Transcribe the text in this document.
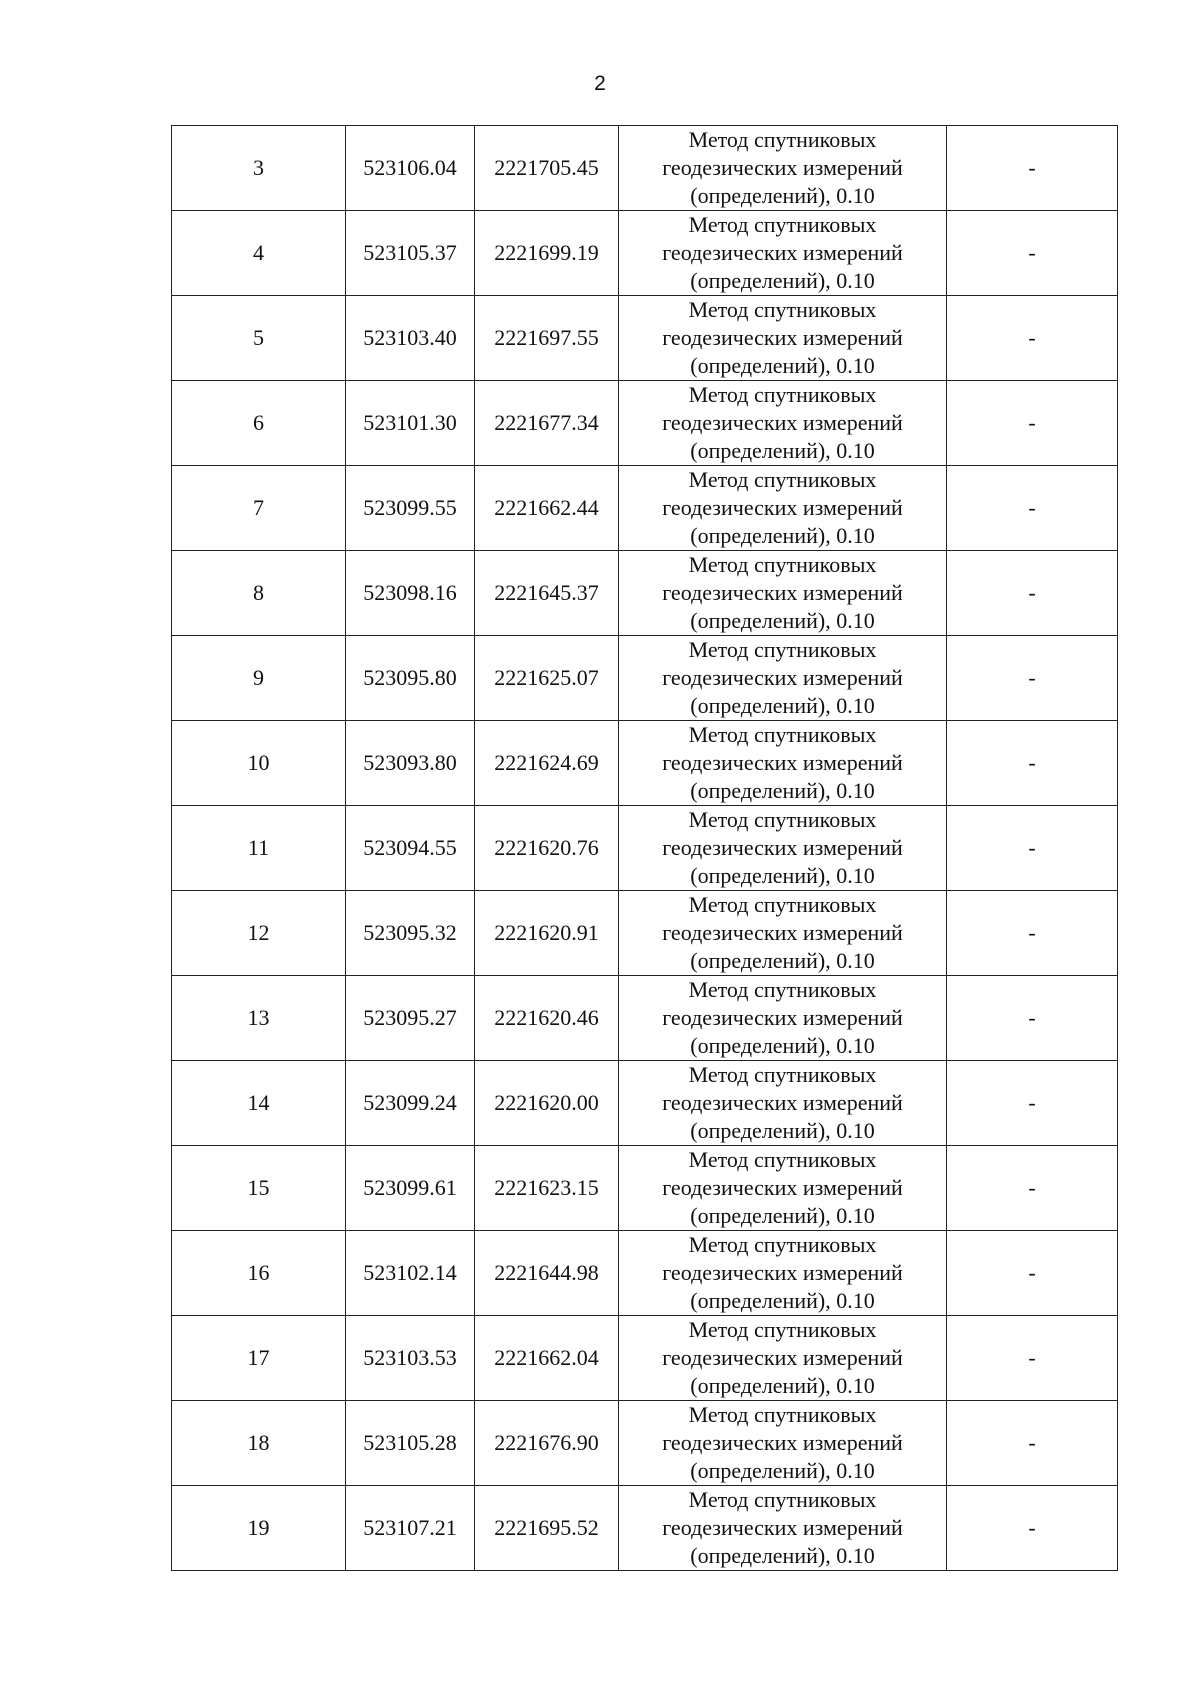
2
3	523106.04	2221705.45	Метод спутниковых
геодезических измерений
(определений), 0.10	-
4	523105.37	2221699.19	Метод спутниковых
геодезических измерений
(определений), 0.10	-
5	523103.40	2221697.55	Метод спутниковых
геодезических измерений
(определений), 0.10	-
6	523101.30	2221677.34	Метод спутниковых
геодезических измерений
(определений), 0.10	-
7	523099.55	2221662.44	Метод спутниковых
геодезических измерений
(определений), 0.10	-
8	523098.16	2221645.37	Метод спутниковых
геодезических измерений
(определений), 0.10	-
9	523095.80	2221625.07	Метод спутниковых
геодезических измерений
(определений), 0.10	-
10	523093.80	2221624.69	Метод спутниковых
геодезических измерений
(определений), 0.10	-
11	523094.55	2221620.76	Метод спутниковых
геодезических измерений
(определений), 0.10	-
12	523095.32	2221620.91	Метод спутниковых
геодезических измерений
(определений), 0.10	-
13	523095.27	2221620.46	Метод спутниковых
геодезических измерений
(определений), 0.10	-
14	523099.24	2221620.00	Метод спутниковых
геодезических измерений
(определений), 0.10	-
15	523099.61	2221623.15	Метод спутниковых
геодезических измерений
(определений), 0.10	-
16	523102.14	2221644.98	Метод спутниковых
геодезических измерений
(определений), 0.10	-
17	523103.53	2221662.04	Метод спутниковых
геодезических измерений
(определений), 0.10	-
18	523105.28	2221676.90	Метод спутниковых
геодезических измерений
(определений), 0.10	-
19	523107.21	2221695.52	Метод спутниковых
геодезических измерений
(определений), 0.10	-
